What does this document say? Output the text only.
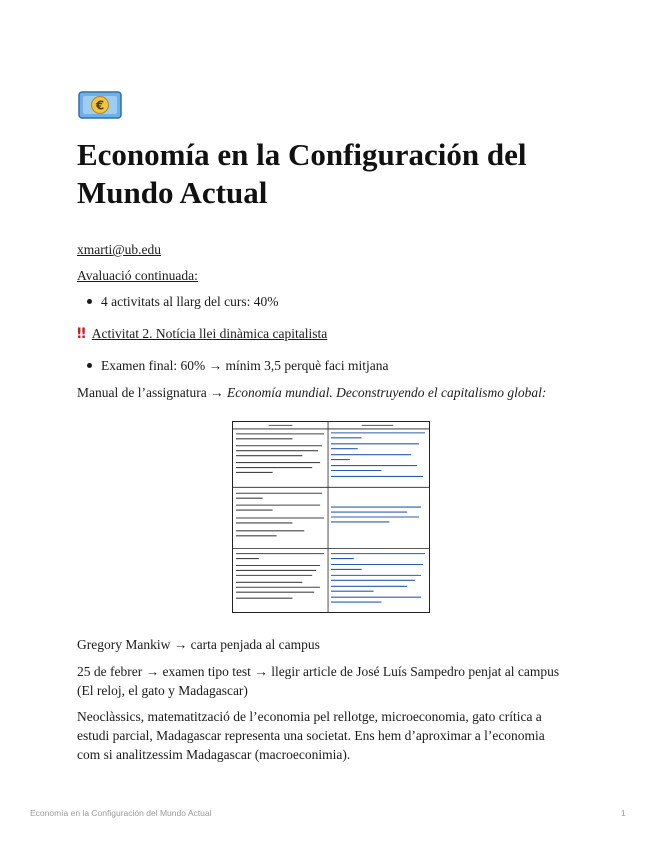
€
Economía en la Configuración del Mundo Actual
xmarti@ub.edu
Avaluació continuada:
4 activitats al llarg del curs: 40%
‼ Activitat 2. Notícia llei dinàmica capitalista
Examen final: 60% → mínim 3,5 perquè faci mitjana
Manual de l’assignatura → Economía mundial. Deconstruyendo el capitalismo global:
Gregory Mankiw → carta penjada al campus
25 de febrer → examen tipo test → llegir article de José Luís Sampedro penjat al campus (El reloj, el gato y Madagascar)
Neoclàssics, matematització de l’economia pel rellotge, microeconomia, gato crítica a estudi parcial, Madagascar representa una societat. Ens hem d’aproximar a l’economia com si analitzessim Madagascar (macroeconimia).
Economía en la Configuración del Mundo Actual	1
